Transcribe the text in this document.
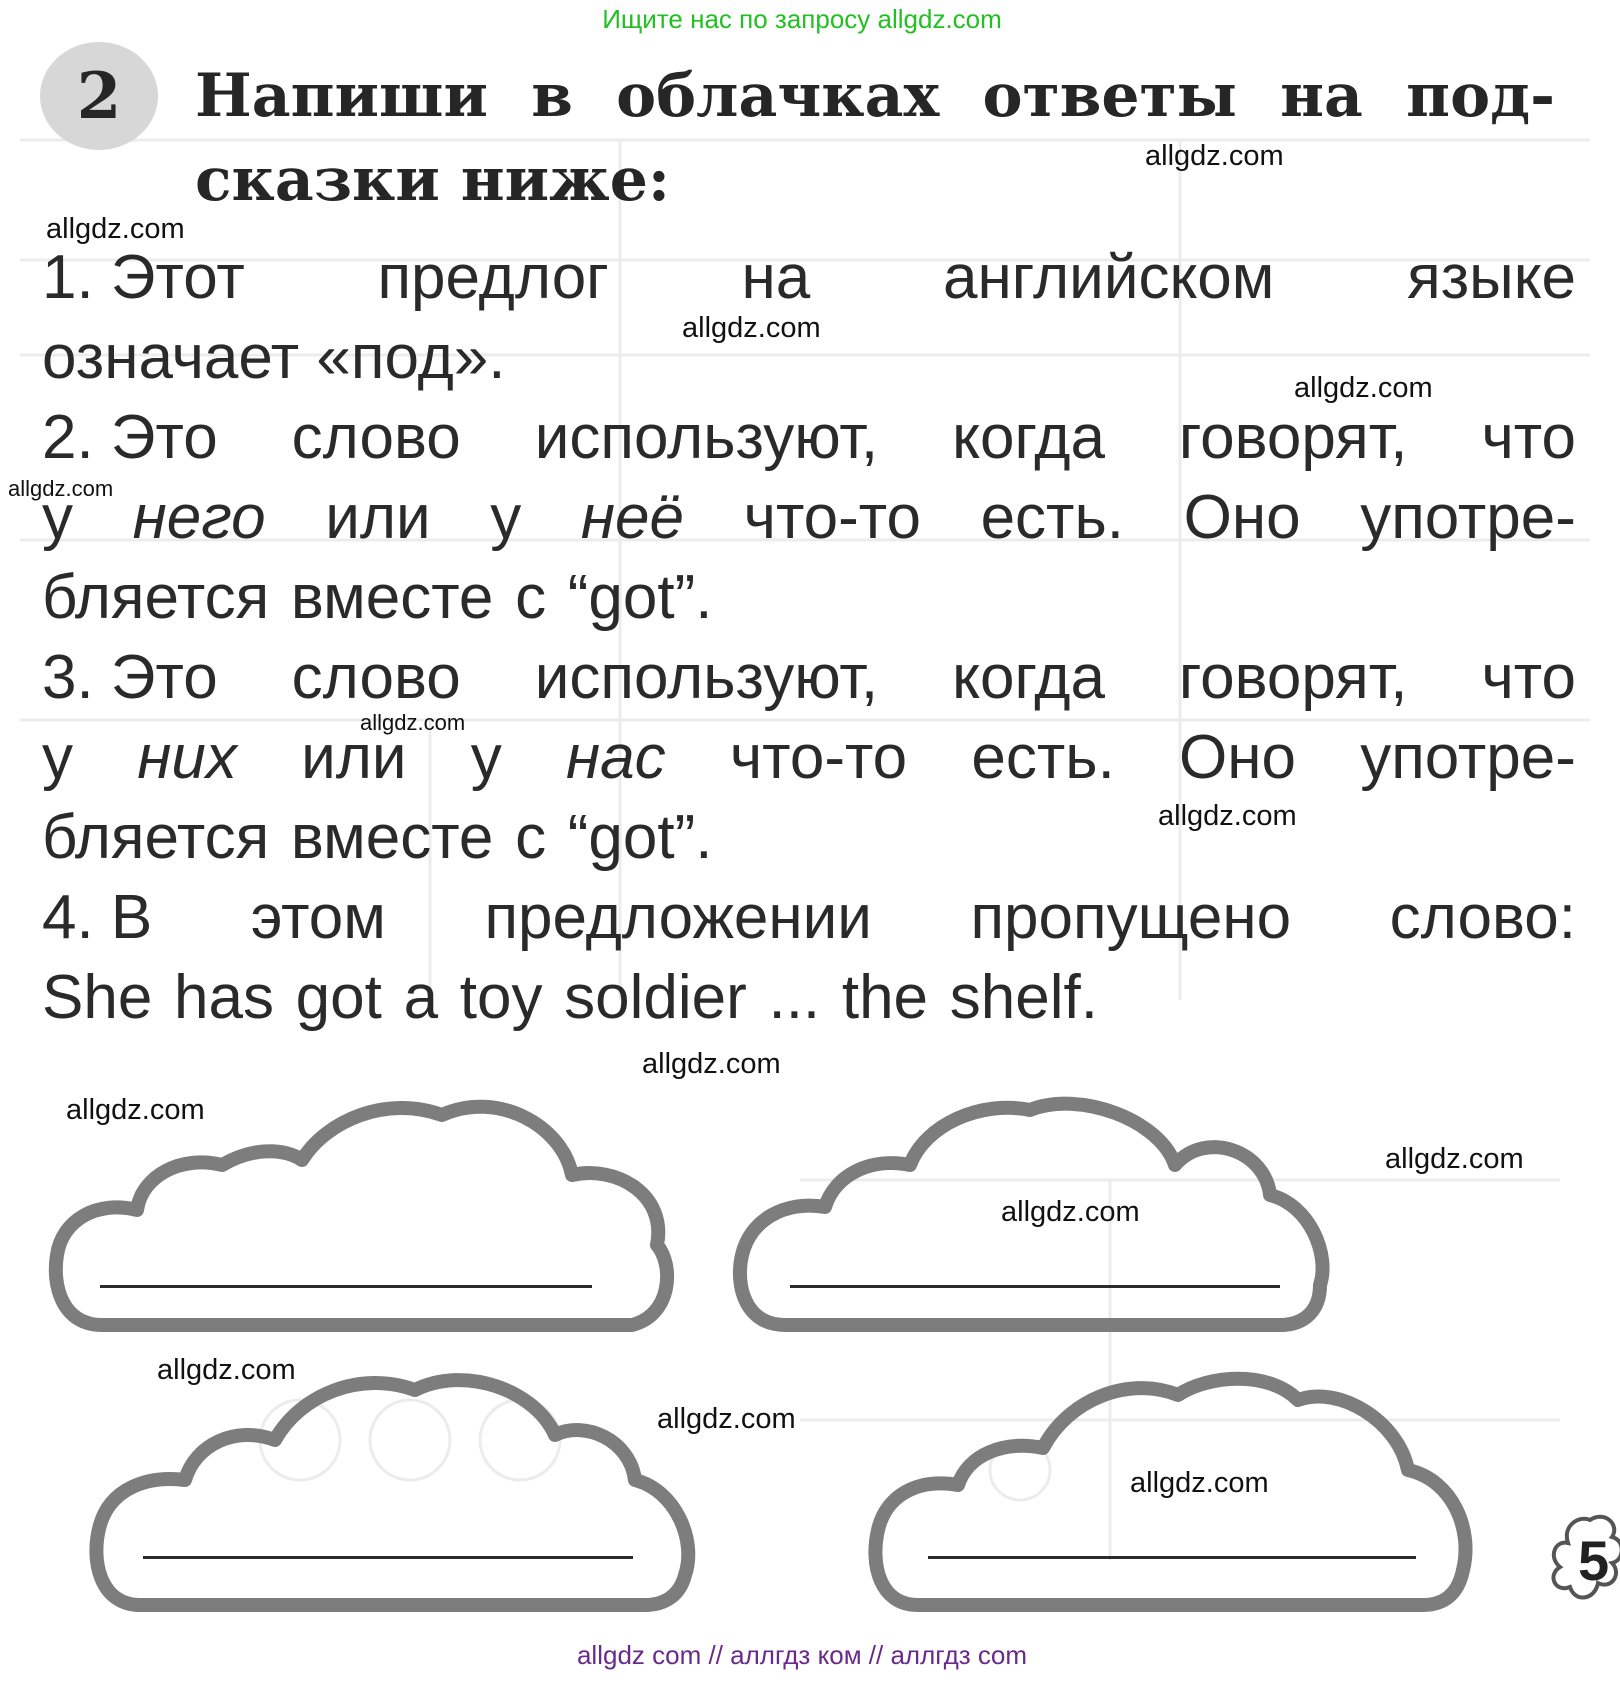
Ищите нас по запросу allgdz.com
2	Напиши в облачках ответы на под-
сказки ниже:
1. Этот предлог на английском языке
означает «под».
2. Это слово используют, когда говорят, что
у него или у неё что-то есть. Оно употре-
бляется вместе с “got”.
3. Это слово используют, когда говорят, что
у них или у нас что-то есть. Оно употре-
бляется вместе с “got”.
4. В этом предложении пропущено слово:
She has got a toy soldier ... the shelf.
5
allgdz.com
allgdz.com
allgdz.com
allgdz.com
allgdz.com
allgdz.com
allgdz.com
allgdz.com
allgdz.com
allgdz.com
allgdz.com
allgdz.com
allgdz.com
allgdz.com
allgdz com // аллгдз ком // аллгдз com
